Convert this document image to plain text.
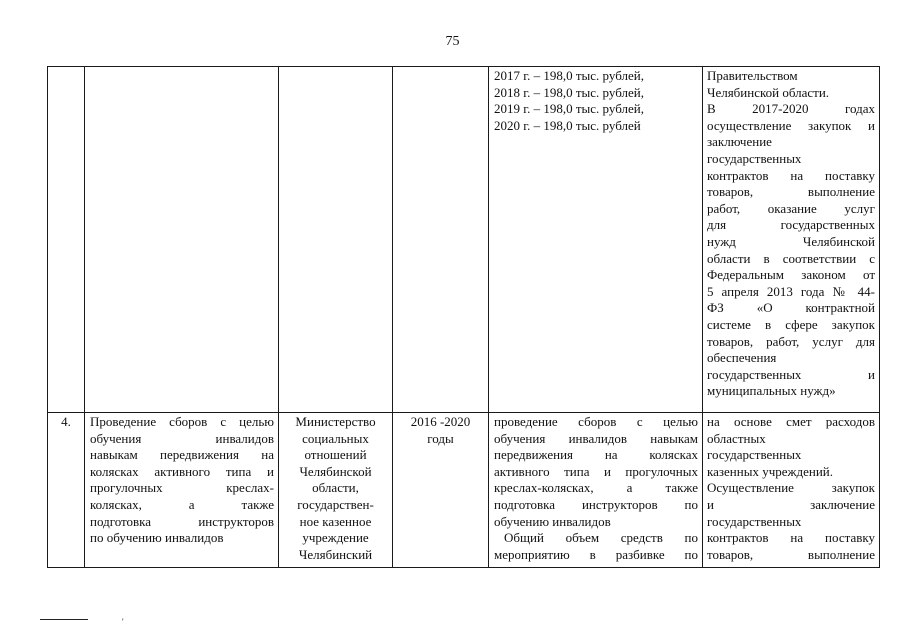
75
2017 г. – 198,0 тыс. рублей,
2018 г. – 198,0 тыс. рублей,
2019 г. – 198,0 тыс. рублей,
2020 г. – 198,0 тыс. рублей
Правительством
Челябинской области.
В 2017-2020 годах
осуществление закупок и
заключение
государственных
контрактов на поставку
товаров, выполнение
работ, оказание услуг
для государственных
нужд Челябинской
области в соответствии с
Федеральным законом от
5 апреля 2013 года № 44-
ФЗ «О контрактной
системе в сфере закупок
товаров, работ, услуг для
обеспечения
государственных и
муниципальных нужд»
4.	Проведение сборов с целью
обучения инвалидов
навыкам передвижения на
колясках активного типа и
прогулочных креслах-
колясках, а также
подготовка инструкторов
по обучению инвалидов
Министерство
социальных
отношений
Челябинской
области,
государствен-
ное казенное
учреждение
Челябинский
2016 -2020
годы
проведение сборов с целью
обучения инвалидов навыкам
передвижения на колясках
активного типа и прогулочных
креслах-колясках, а также
подготовка инструкторов по
обучению инвалидов
Общий объем средств по
мероприятию в разбивке по
на основе смет расходов
областных
государственных
казенных учреждений.
Осуществление закупок
и заключение
государственных
контрактов на поставку
товаров, выполнение
'
